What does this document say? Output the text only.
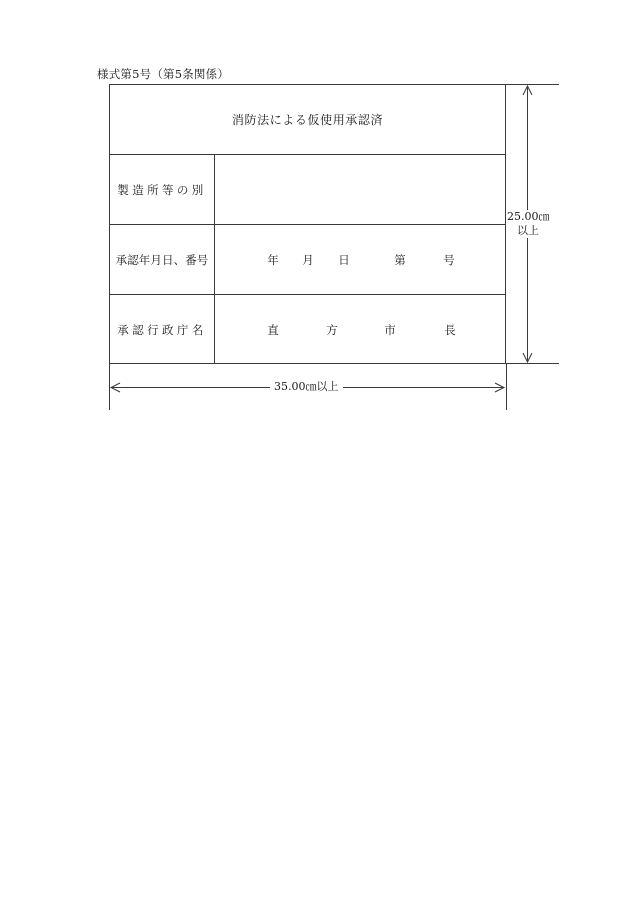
様式第5号（第5条関係）
消防法による仮使用承認済
製造所等の別
承認年月日、番号	年 月 日	第	号
承認行政庁名	直	方	市	長
25.00㎝
以上
35.00㎝以上
